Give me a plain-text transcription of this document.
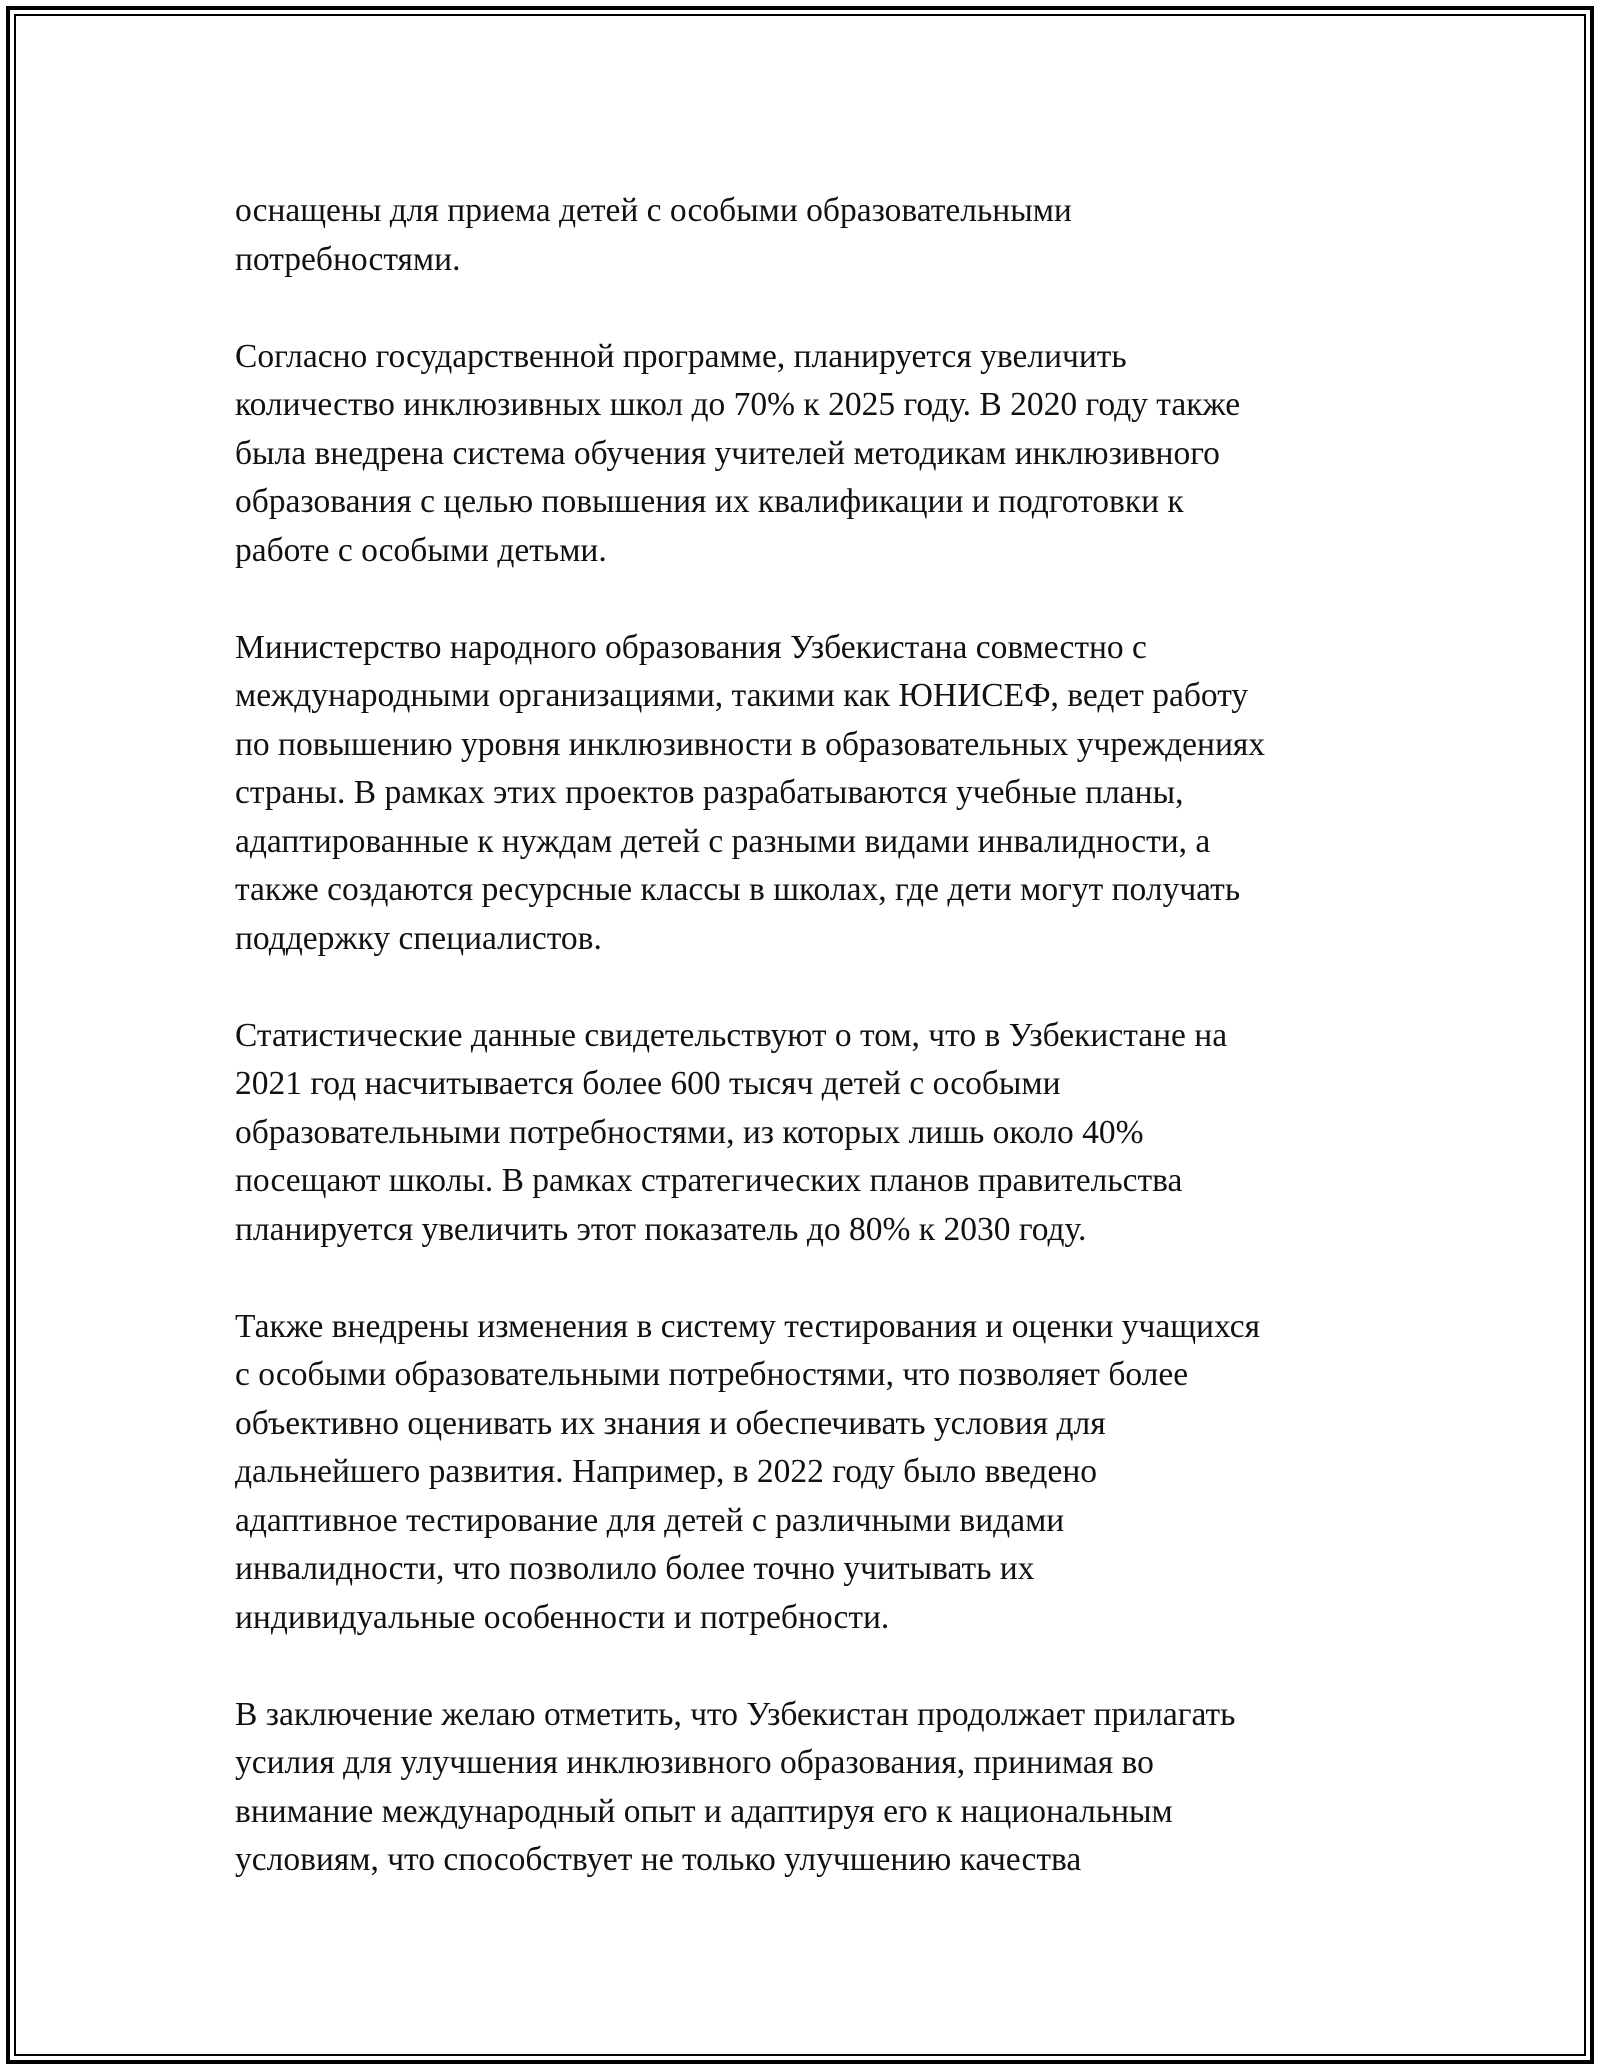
оснащены для приема детей с особыми образовательными
потребностями.

Согласно государственной программе, планируется увеличить
количество инклюзивных школ до 70% к 2025 году. В 2020 году также
была внедрена система обучения учителей методикам инклюзивного
образования с целью повышения их квалификации и подготовки к
работе с особыми детьми.

Министерство народного образования Узбекистана совместно с
международными организациями, такими как ЮНИСЕФ, ведет работу
по повышению уровня инклюзивности в образовательных учреждениях
страны. В рамках этих проектов разрабатываются учебные планы,
адаптированные к нуждам детей с разными видами инвалидности, а
также создаются ресурсные классы в школах, где дети могут получать
поддержку специалистов.

Статистические данные свидетельствуют о том, что в Узбекистане на
2021 год насчитывается более 600 тысяч детей с особыми
образовательными потребностями, из которых лишь около 40%
посещают школы. В рамках стратегических планов правительства
планируется увеличить этот показатель до 80% к 2030 году.

Также внедрены изменения в систему тестирования и оценки учащихся
с особыми образовательными потребностями, что позволяет более
объективно оценивать их знания и обеспечивать условия для
дальнейшего развития. Например, в 2022 году было введено
адаптивное тестирование для детей с различными видами
инвалидности, что позволило более точно учитывать их
индивидуальные особенности и потребности.

В заключение желаю отметить, что Узбекистан продолжает прилагать
усилия для улучшения инклюзивного образования, принимая во
внимание международный опыт и адаптируя его к национальным
условиям, что способствует не только улучшению качества
